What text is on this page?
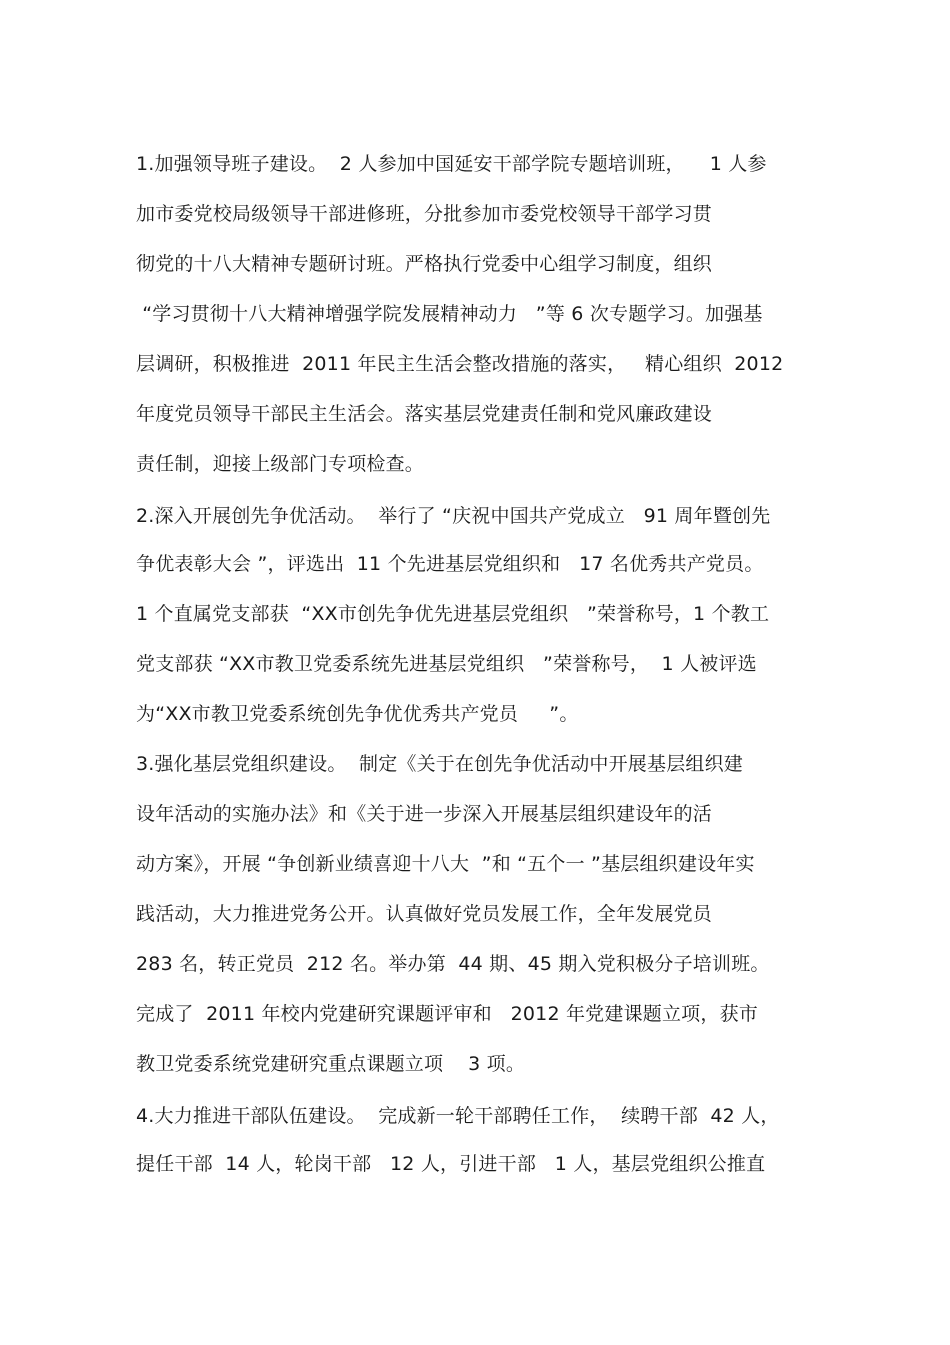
1.加强领导班子建设。  2 人参加中国延安干部学院专题培训班，    1 人参
加市委党校局级领导干部进修班，分批参加市委党校领导干部学习贯
彻党的十八大精神专题研讨班。严格执行党委中心组学习制度，组织
“学习贯彻十八大精神增强学院发展精神动力   ”等 6 次专题学习。加强基
层调研，积极推进  2011 年民主生活会整改措施的落实，   精心组织  2012
年度党员领导干部民主生活会。落实基层党建责任制和党风廉政建设
责任制，迎接上级部门专项检查。
2.深入开展创先争优活动。  举行了 “庆祝中国共产党成立   91 周年暨创先
争优表彰大会 ”，评选出  11 个先进基层党组织和   17 名优秀共产党员。
1 个直属党支部获  “XX市创先争优先进基层党组织   ”荣誉称号，1 个教工
党支部获 “XX市教卫党委系统先进基层党组织   ”荣誉称号，  1 人被评选
为“XX市教卫党委系统创先争优优秀共产党员     ”。
3.强化基层党组织建设。  制定《关于在创先争优活动中开展基层组织建
设年活动的实施办法》和《关于进一步深入开展基层组织建设年的活
动方案》，开展 “争创新业绩喜迎十八大  ”和 “五个一 ”基层组织建设年实
践活动，大力推进党务公开。认真做好党员发展工作，全年发展党员
283 名，转正党员  212 名。举办第  44 期、45 期入党积极分子培训班。
完成了  2011 年校内党建研究课题评审和   2012 年党建课题立项，获市
教卫党委系统党建研究重点课题立项    3 项。
4.大力推进干部队伍建设。  完成新一轮干部聘任工作，  续聘干部  42 人，
提任干部  14 人，轮岗干部   12 人，引进干部   1 人，基层党组织公推直
